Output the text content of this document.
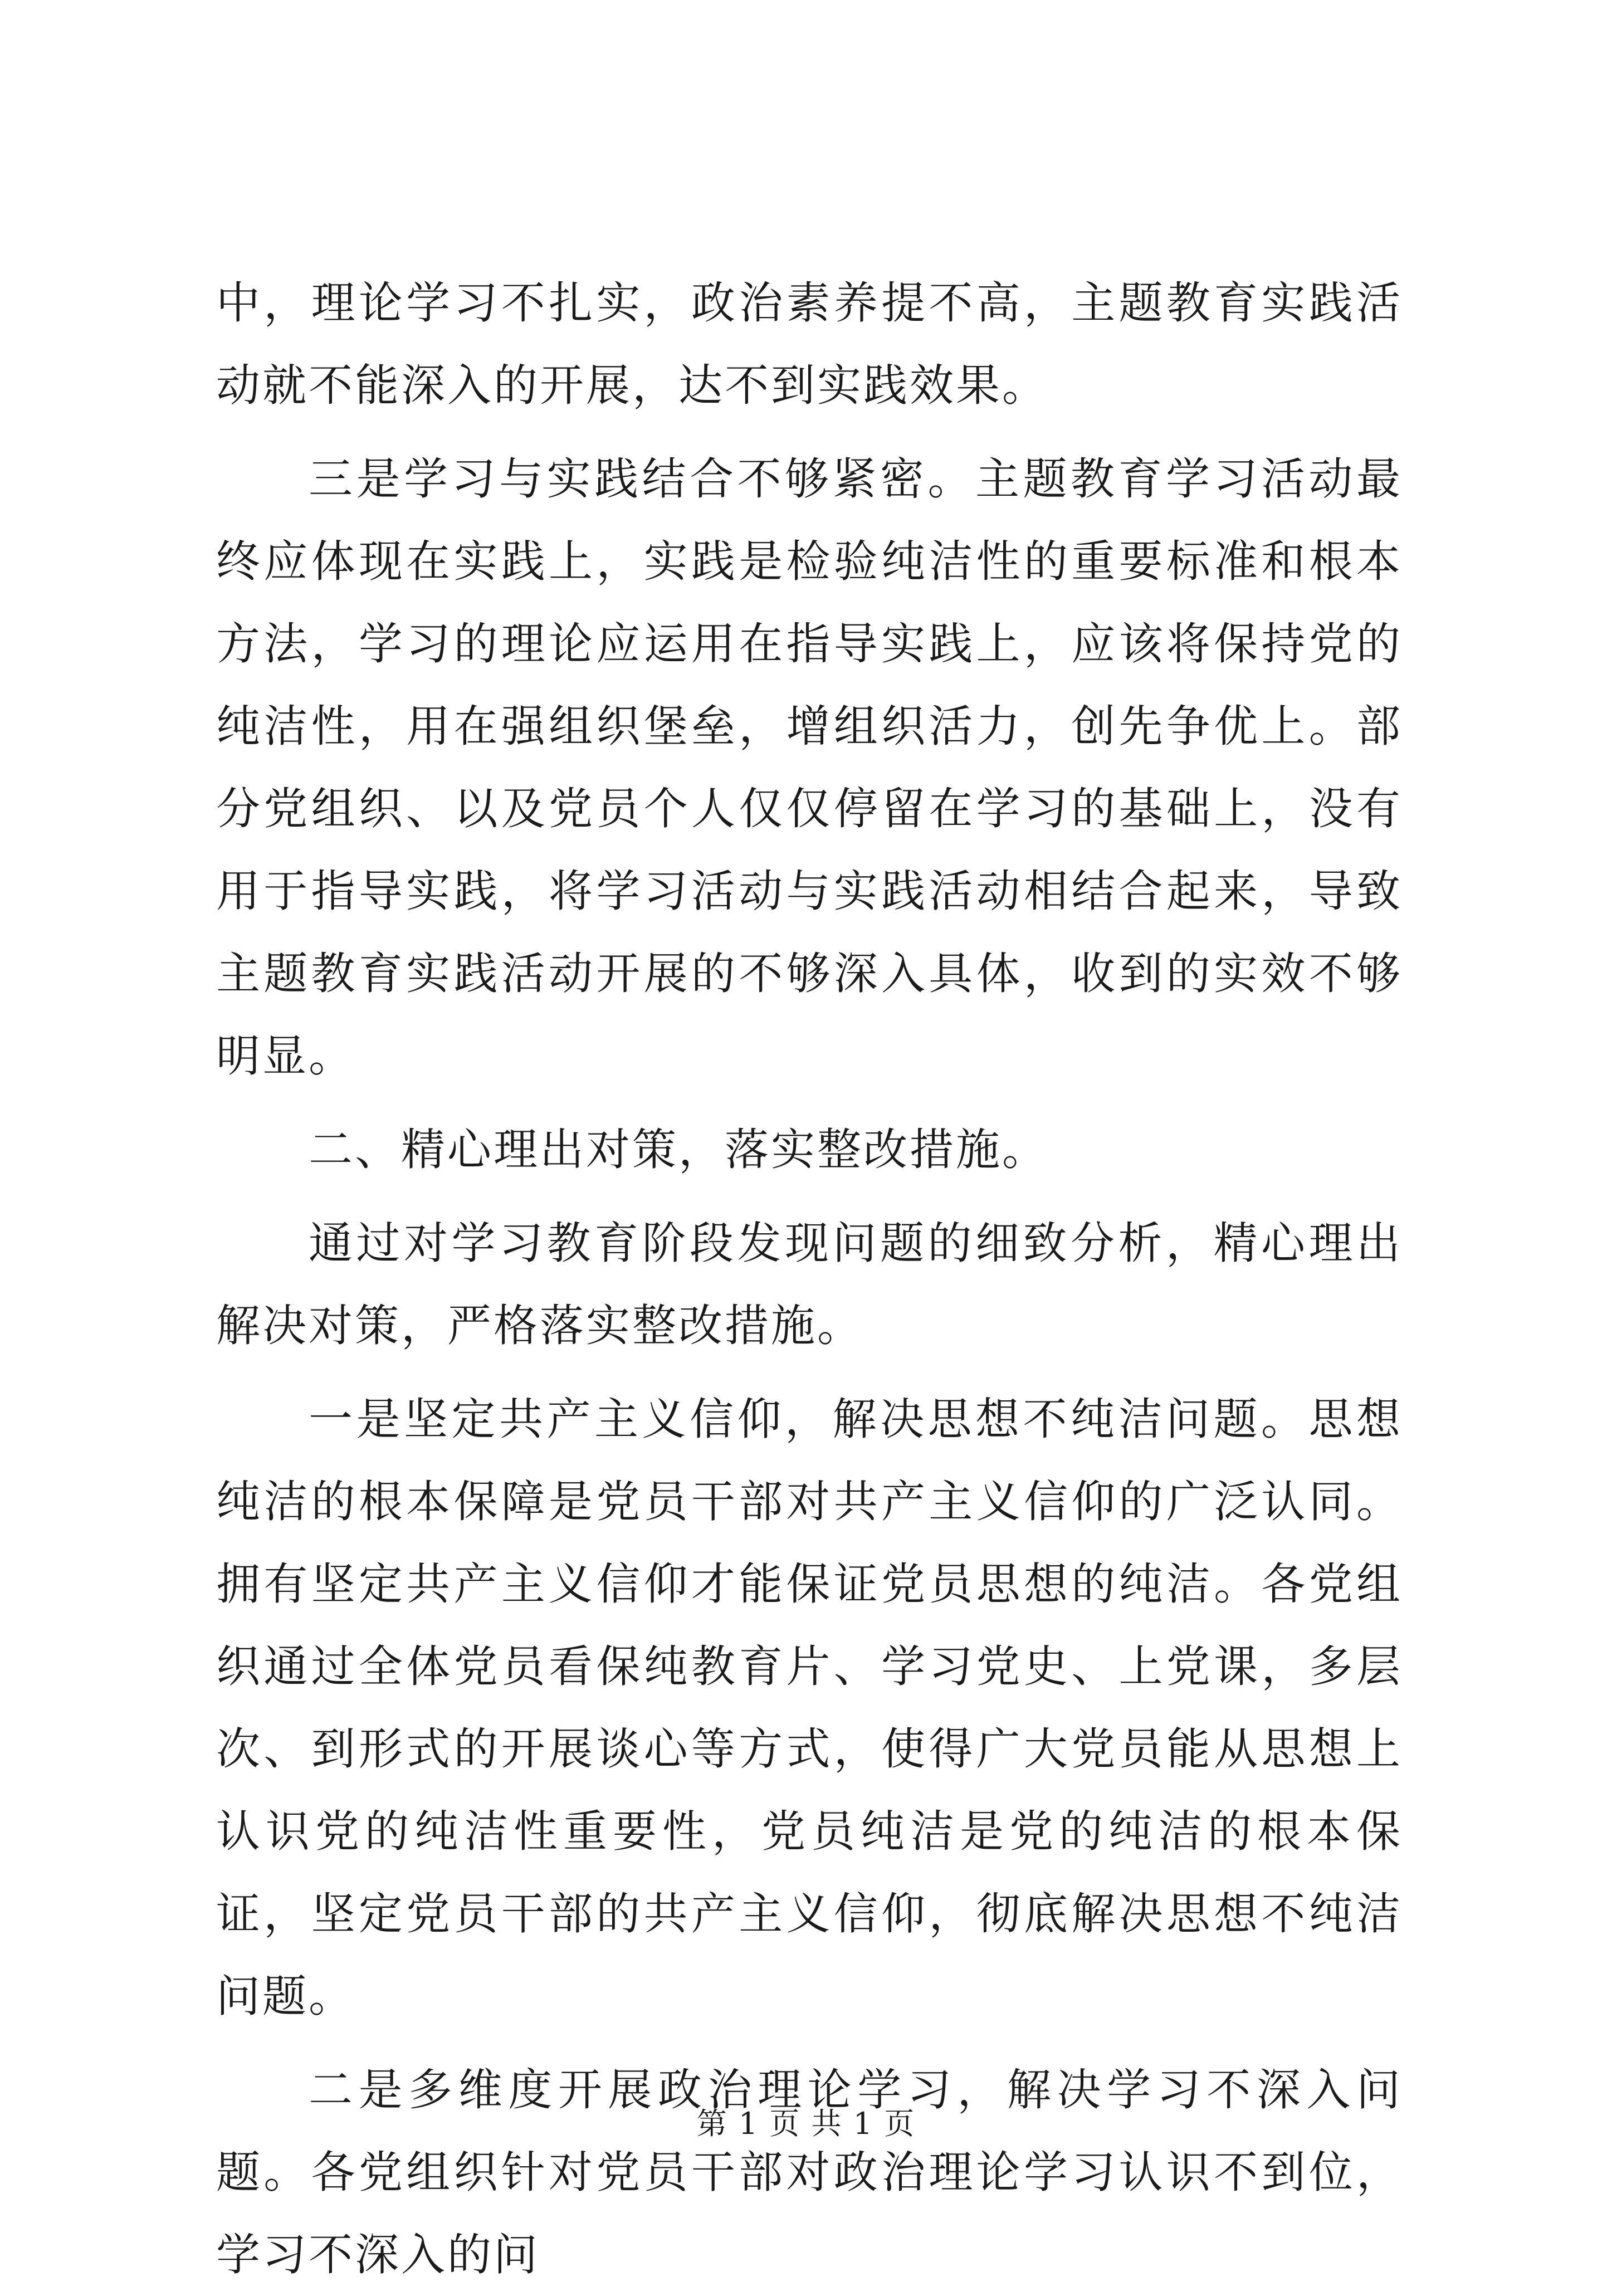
中，理论学习不扎实，政治素养提不高，主题教育实践活动就不能深入的开展，达不到实践效果。

三是学习与实践结合不够紧密。主题教育学习活动最终应体现在实践上，实践是检验纯洁性的重要标准和根本方法，学习的理论应运用在指导实践上，应该将保持党的纯洁性，用在强组织堡垒，增组织活力，创先争优上。部分党组织、以及党员个人仅仅停留在学习的基础上，没有用于指导实践，将学习活动与实践活动相结合起来，导致主题教育实践活动开展的不够深入具体，收到的实效不够明显。

二、精心理出对策，落实整改措施。

通过对学习教育阶段发现问题的细致分析，精心理出解决对策，严格落实整改措施。

一是坚定共产主义信仰，解决思想不纯洁问题。思想纯洁的根本保障是党员干部对共产主义信仰的广泛认同。拥有坚定共产主义信仰才能保证党员思想的纯洁。各党组织通过全体党员看保纯教育片、学习党史、上党课，多层次、到形式的开展谈心等方式，使得广大党员能从思想上认识党的纯洁性重要性，党员纯洁是党的纯洁的根本保证，坚定党员干部的共产主义信仰，彻底解决思想不纯洁问题。

二是多维度开展政治理论学习，解决学习不深入问题。各党组织针对党员干部对政治理论学习认识不到位，学习不深入的问

第 1 页 共 1 页
